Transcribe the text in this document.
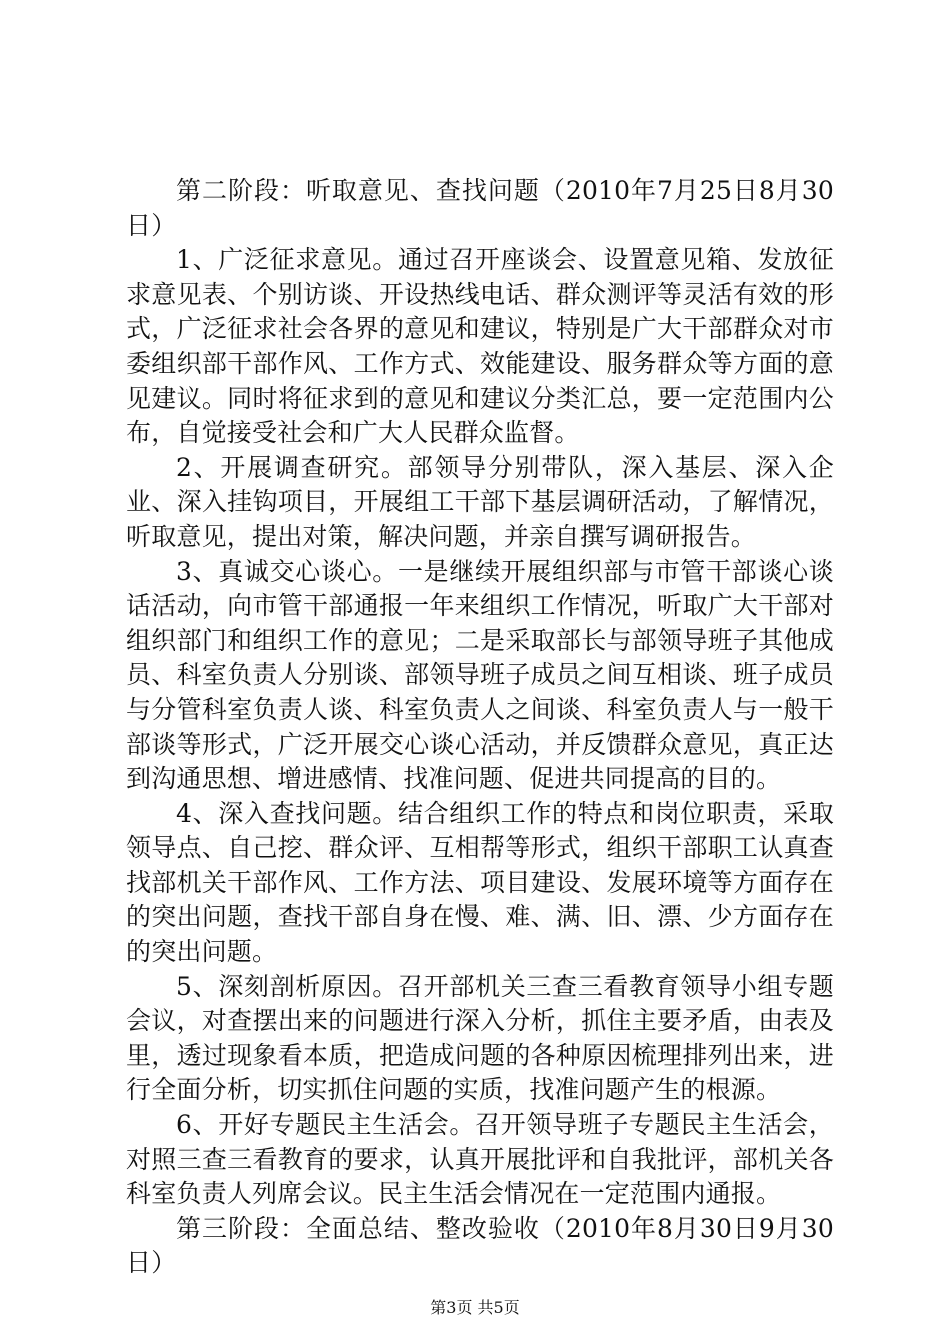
第二阶段：听取意见、查找问题（2010年7月25日8月30日）

1、广泛征求意见。通过召开座谈会、设置意见箱、发放征求意见表、个别访谈、开设热线电话、群众测评等灵活有效的形式，广泛征求社会各界的意见和建议，特别是广大干部群众对市委组织部干部作风、工作方式、效能建设、服务群众等方面的意见建议。同时将征求到的意见和建议分类汇总，要一定范围内公布，自觉接受社会和广大人民群众监督。

2、开展调查研究。部领导分别带队，深入基层、深入企业、深入挂钩项目，开展组工干部下基层调研活动，了解情况，听取意见，提出对策，解决问题，并亲自撰写调研报告。

3、真诚交心谈心。一是继续开展组织部与市管干部谈心谈话活动，向市管干部通报一年来组织工作情况，听取广大干部对组织部门和组织工作的意见；二是采取部长与部领导班子其他成员、科室负责人分别谈、部领导班子成员之间互相谈、班子成员与分管科室负责人谈、科室负责人之间谈、科室负责人与一般干部谈等形式，广泛开展交心谈心活动，并反馈群众意见，真正达到沟通思想、增进感情、找准问题、促进共同提高的目的。

4、深入查找问题。结合组织工作的特点和岗位职责，采取领导点、自己挖、群众评、互相帮等形式，组织干部职工认真查找部机关干部作风、工作方法、项目建设、发展环境等方面存在的突出问题，查找干部自身在慢、难、满、旧、漂、少方面存在的突出问题。

5、深刻剖析原因。召开部机关三查三看教育领导小组专题会议，对查摆出来的问题进行深入分析，抓住主要矛盾，由表及里，透过现象看本质，把造成问题的各种原因梳理排列出来，进行全面分析，切实抓住问题的实质，找准问题产生的根源。

6、开好专题民主生活会。召开领导班子专题民主生活会，对照三查三看教育的要求，认真开展批评和自我批评，部机关各科室负责人列席会议。民主生活会情况在一定范围内通报。

第三阶段：全面总结、整改验收（2010年8月30日9月30日）

第3页 共5页
